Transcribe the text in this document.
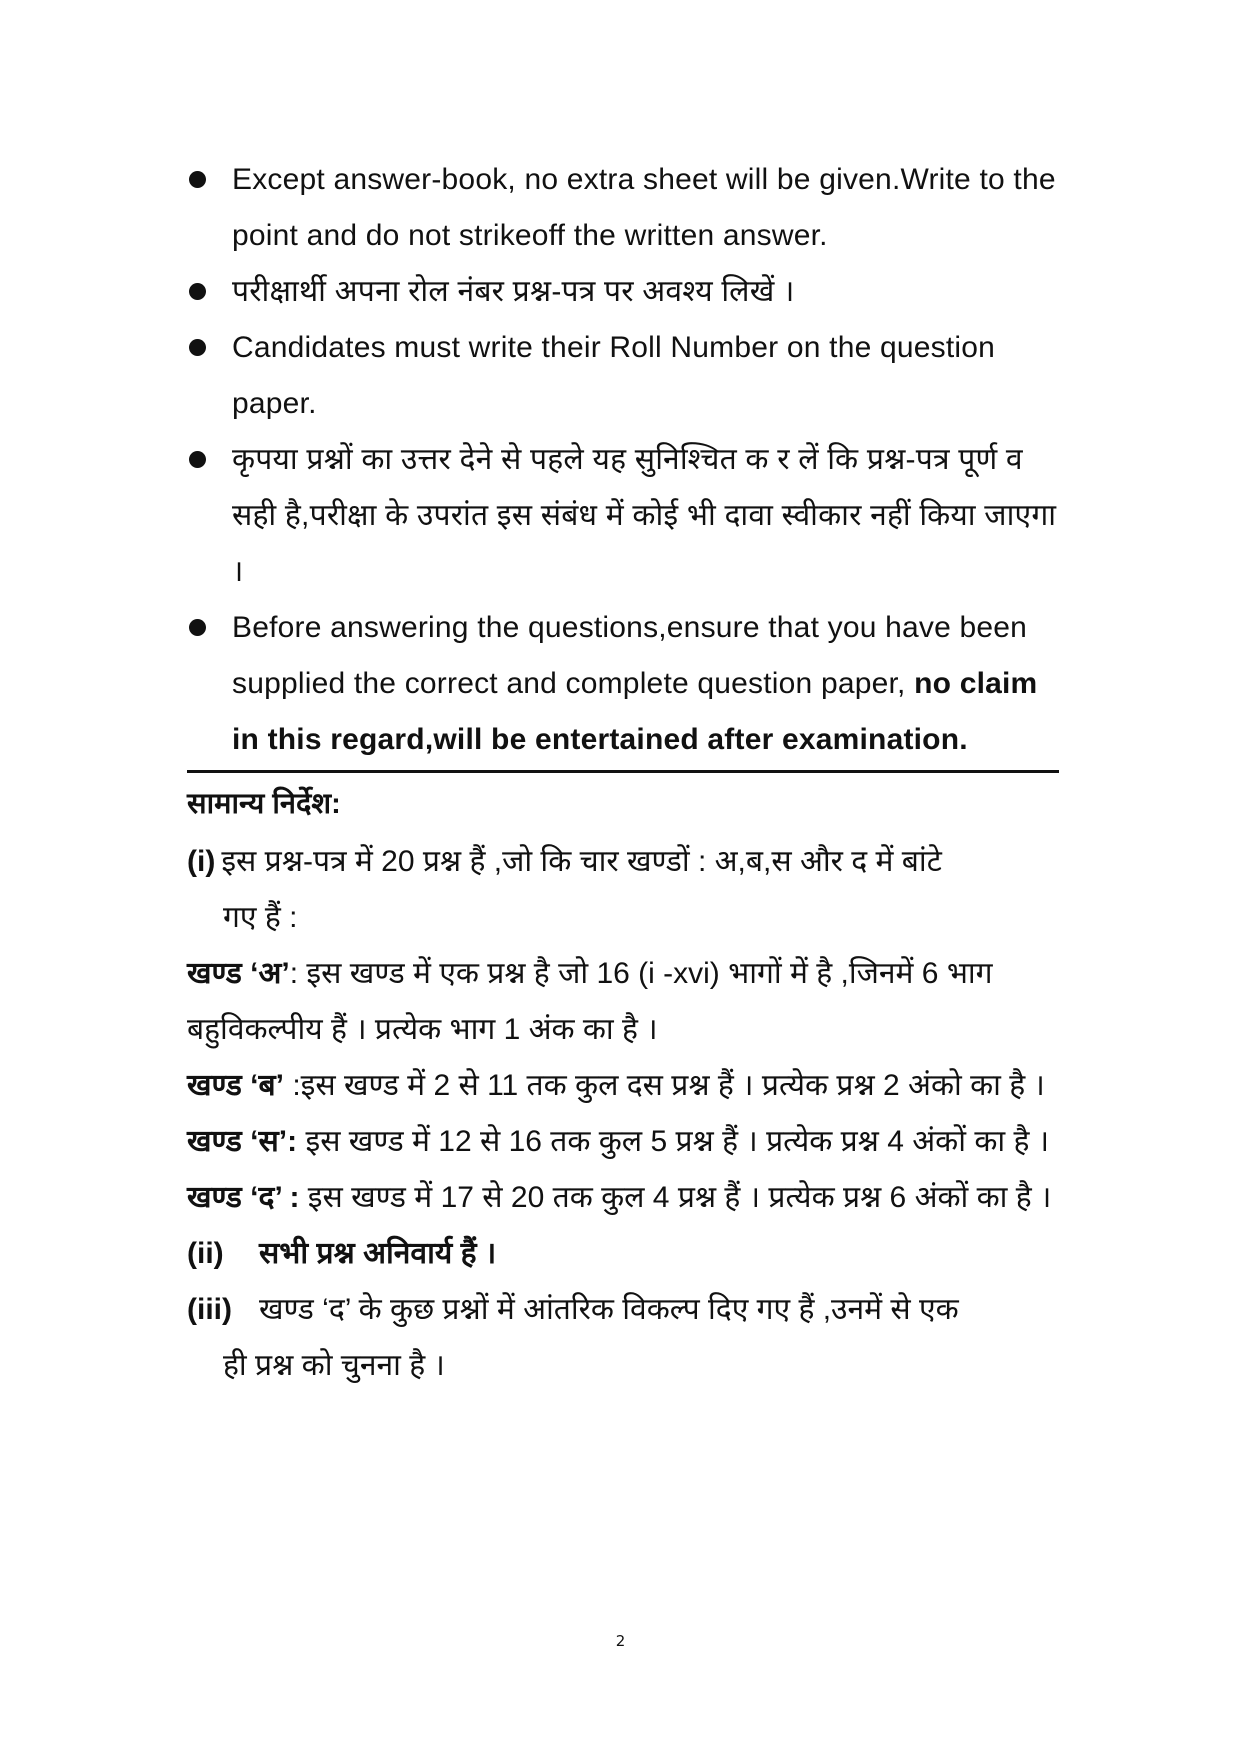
Except answer-book, no extra sheet will be given.Write to the point and do not strikeoff the written answer.
परीक्षार्थी अपना रोल नंबर प्रश्न-पत्र पर अवश्य लिखें ।
Candidates must write their Roll Number on the question paper.
कृपया प्रश्नों का उत्तर देने से पहले यह सुनिश्चित क र लें कि प्रश्न-पत्र पूर्ण व सही है,परीक्षा के उपरांत इस संबंध में कोई भी दावा स्वीकार नहीं किया जाएगा ।
Before answering the questions,ensure that you have been supplied the correct and complete question paper, no claim in this regard,will be entertained after examination.
सामान्य निर्देश:
(i) इस प्रश्न-पत्र में 20 प्रश्न हैं ,जो कि चार खण्डों : अ,ब,स और द में बांटे
गए हैं :
खण्ड ‘अ’: इस खण्ड में एक प्रश्न है जो 16 (i -xvi) भागों में है ,जिनमें 6 भाग बहुविकल्पीय हैं । प्रत्येक भाग 1 अंक का है ।
खण्ड ‘ब’ :इस खण्ड में 2 से 11 तक कुल दस प्रश्न हैं । प्रत्येक प्रश्न 2 अंको का है ।
खण्ड ‘स’: इस खण्ड में 12 से 16 तक कुल 5 प्रश्न हैं । प्रत्येक प्रश्न 4 अंकों का है ।
खण्ड ‘द’ : इस खण्ड में 17 से 20 तक कुल 4 प्रश्न हैं । प्रत्येक प्रश्न 6 अंकों का है ।
(ii)	सभी प्रश्न अनिवार्य हैं ।
(iii) खण्ड ‘द’ के कुछ प्रश्नों में आंतरिक विकल्प दिए गए हैं ,उनमें से एक
ही प्रश्न को चुनना है ।
2
